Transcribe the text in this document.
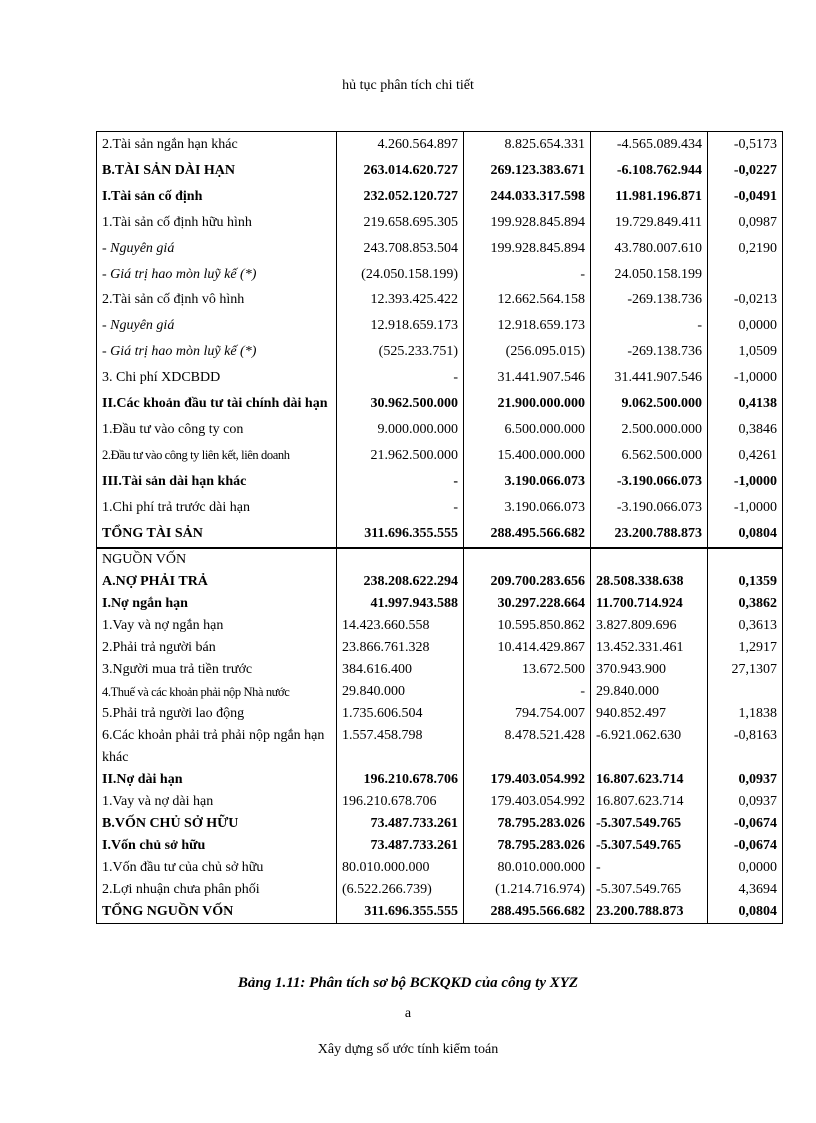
hủ tục phân tích chi tiết
2.Tài sản ngắn hạn khác	4.260.564.897	8.825.654.331	-4.565.089.434	-0,5173
B.TÀI SẢN DÀI HẠN	263.014.620.727	269.123.383.671	-6.108.762.944	-0,0227
I.Tài sản cố định	232.052.120.727	244.033.317.598	11.981.196.871	-0,0491
1.Tài sản cố định hữu hình	219.658.695.305	199.928.845.894	19.729.849.411	0,0987
- Nguyên giá	243.708.853.504	199.928.845.894	43.780.007.610	0,2190
- Giá trị hao mòn luỹ kế (*)	(24.050.158.199)	-	24.050.158.199	
2.Tài sản cố định vô hình	12.393.425.422	12.662.564.158	-269.138.736	-0,0213
- Nguyên giá	12.918.659.173	12.918.659.173	-	0,0000
- Giá trị hao mòn luỹ kế (*)	(525.233.751)	(256.095.015)	-269.138.736	1,0509
3. Chi phí XDCBDD	-	31.441.907.546	31.441.907.546	-1,0000
II.Các khoản đầu tư tài chính dài hạn	30.962.500.000	21.900.000.000	9.062.500.000	0,4138
1.Đầu tư vào công ty con	9.000.000.000	6.500.000.000	2.500.000.000	0,3846
2.Đầu tư vào công ty liên kết, liên doanh	21.962.500.000	15.400.000.000	6.562.500.000	0,4261
III.Tài sản dài hạn khác	-	3.190.066.073	-3.190.066.073	-1,0000
1.Chi phí trả trước dài hạn	-	3.190.066.073	-3.190.066.073	-1,0000
TỔNG TÀI SẢN	311.696.355.555	288.495.566.682	23.200.788.873	0,0804
NGUỒN VỐN				
A.NỢ PHẢI TRẢ	238.208.622.294	209.700.283.656	28.508.338.638	0,1359
I.Nợ ngắn hạn	41.997.943.588	30.297.228.664	11.700.714.924	0,3862
1.Vay và nợ ngắn hạn	14.423.660.558	10.595.850.862	3.827.809.696	0,3613
2.Phải trả người bán	23.866.761.328	10.414.429.867	13.452.331.461	1,2917
3.Người mua trả tiền trước	384.616.400	13.672.500	370.943.900	27,1307
4.Thuế và các khoản phải nộp Nhà nước	29.840.000	-	29.840.000	
5.Phải trả người lao động	1.735.606.504	794.754.007	940.852.497	1,1838
6.Các khoản phải trả phải nộp ngắn hạn khác	1.557.458.798	8.478.521.428	-6.921.062.630	-0,8163
II.Nợ dài hạn	196.210.678.706	179.403.054.992	16.807.623.714	0,0937
1.Vay và nợ dài hạn	196.210.678.706	179.403.054.992	16.807.623.714	0,0937
B.VỐN CHỦ SỞ HỮU	73.487.733.261	78.795.283.026	-5.307.549.765	-0,0674
I.Vốn chủ sở hữu	73.487.733.261	78.795.283.026	-5.307.549.765	-0,0674
1.Vốn đầu tư của chủ sở hữu	80.010.000.000	80.010.000.000	-	0,0000
2.Lợi nhuận chưa phân phối	(6.522.266.739)	(1.214.716.974)	-5.307.549.765	4,3694
TỔNG NGUỒN VỐN	311.696.355.555	288.495.566.682	23.200.788.873	0,0804
Bảng 1.11: Phân tích sơ bộ BCKQKD của công ty XYZ
a
Xây dựng số ước tính kiểm toán
